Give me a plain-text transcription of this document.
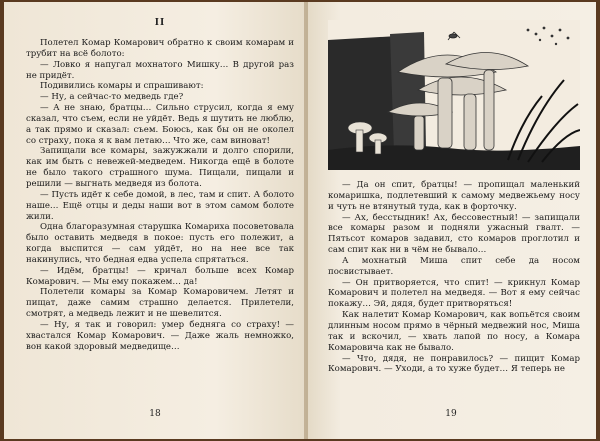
II

Полетел Комар Комарович обратно к своим комарам и трубит на всё болото:

— Ловко я напугал мохнатого Мишку… В другой раз не придёт.

Подивились комары и спрашивают:

— Ну, а сейчас-то медведь где?

— А не знаю, братцы… Сильно струсил, когда я ему сказал, что съем, если не уйдёт. Ведь я шутить не люблю, а так прямо и сказал: съем. Боюсь, как бы он не околел со страху, пока я к вам летаю… Что же, сам виноват!

Запищали все комары, зажужжали и долго спорили, как им быть с невежей-медведем. Никогда ещё в болоте не было такого страшного шума. Пищали, пищали и решили — выгнать медведя из болота.

— Пусть идёт к себе домой, в лес, там и спит. А болото наше… Ещё отцы и деды наши вот в этом самом болоте жили.

Одна благоразумная старушка Комариха посоветовала было оставить медведя в покое: пусть его полежит, а когда выспится — сам уйдёт, но на нее все так накинулись, что бедная едва успела спрятаться.

— Идём, братцы! — кричал больше всех Комар Комарович. — Мы ему покажем… да!

Полетели комары за Комар Комаровичем. Летят и пищат, даже самим страшно делается. Прилетели, смотрят, а медведь лежит и не шевелится.

— Ну, я так и говорил: умер бедняга со страху! — хвастался Комар Комарович. — Даже жаль немножко, вон какой здоровый медведище…

18

— Да он спит, братцы! — пропищал маленький комаришка, подлетевший к самому медвежьему носу и чуть не втянутый туда, как в форточку.

— Ах, бесстыдник! Ах, бессовестный! — запищали все комары разом и подняли ужасный гвалт. — Пятьсот комаров задавил, сто комаров проглотил и сам спит как ни в чём не бывало…

А мохнатый Миша спит себе да носом посвистывает.

— Он притворяется, что спит! — крикнул Комар Комарович и полетел на медведя. — Вот я ему сейчас покажу… Эй, дядя, будет притворяться!

Как налетит Комар Комарович, как вопьётся своим длинным носом прямо в чёрный медвежий нос, Миша так и вскочил, — хвать лапой по носу, а Комара Комаровича как не бывало.

— Что, дядя, не понравилось? — пищит Комар Комарович. — Уходи, а то хуже будет… Я теперь не

19
